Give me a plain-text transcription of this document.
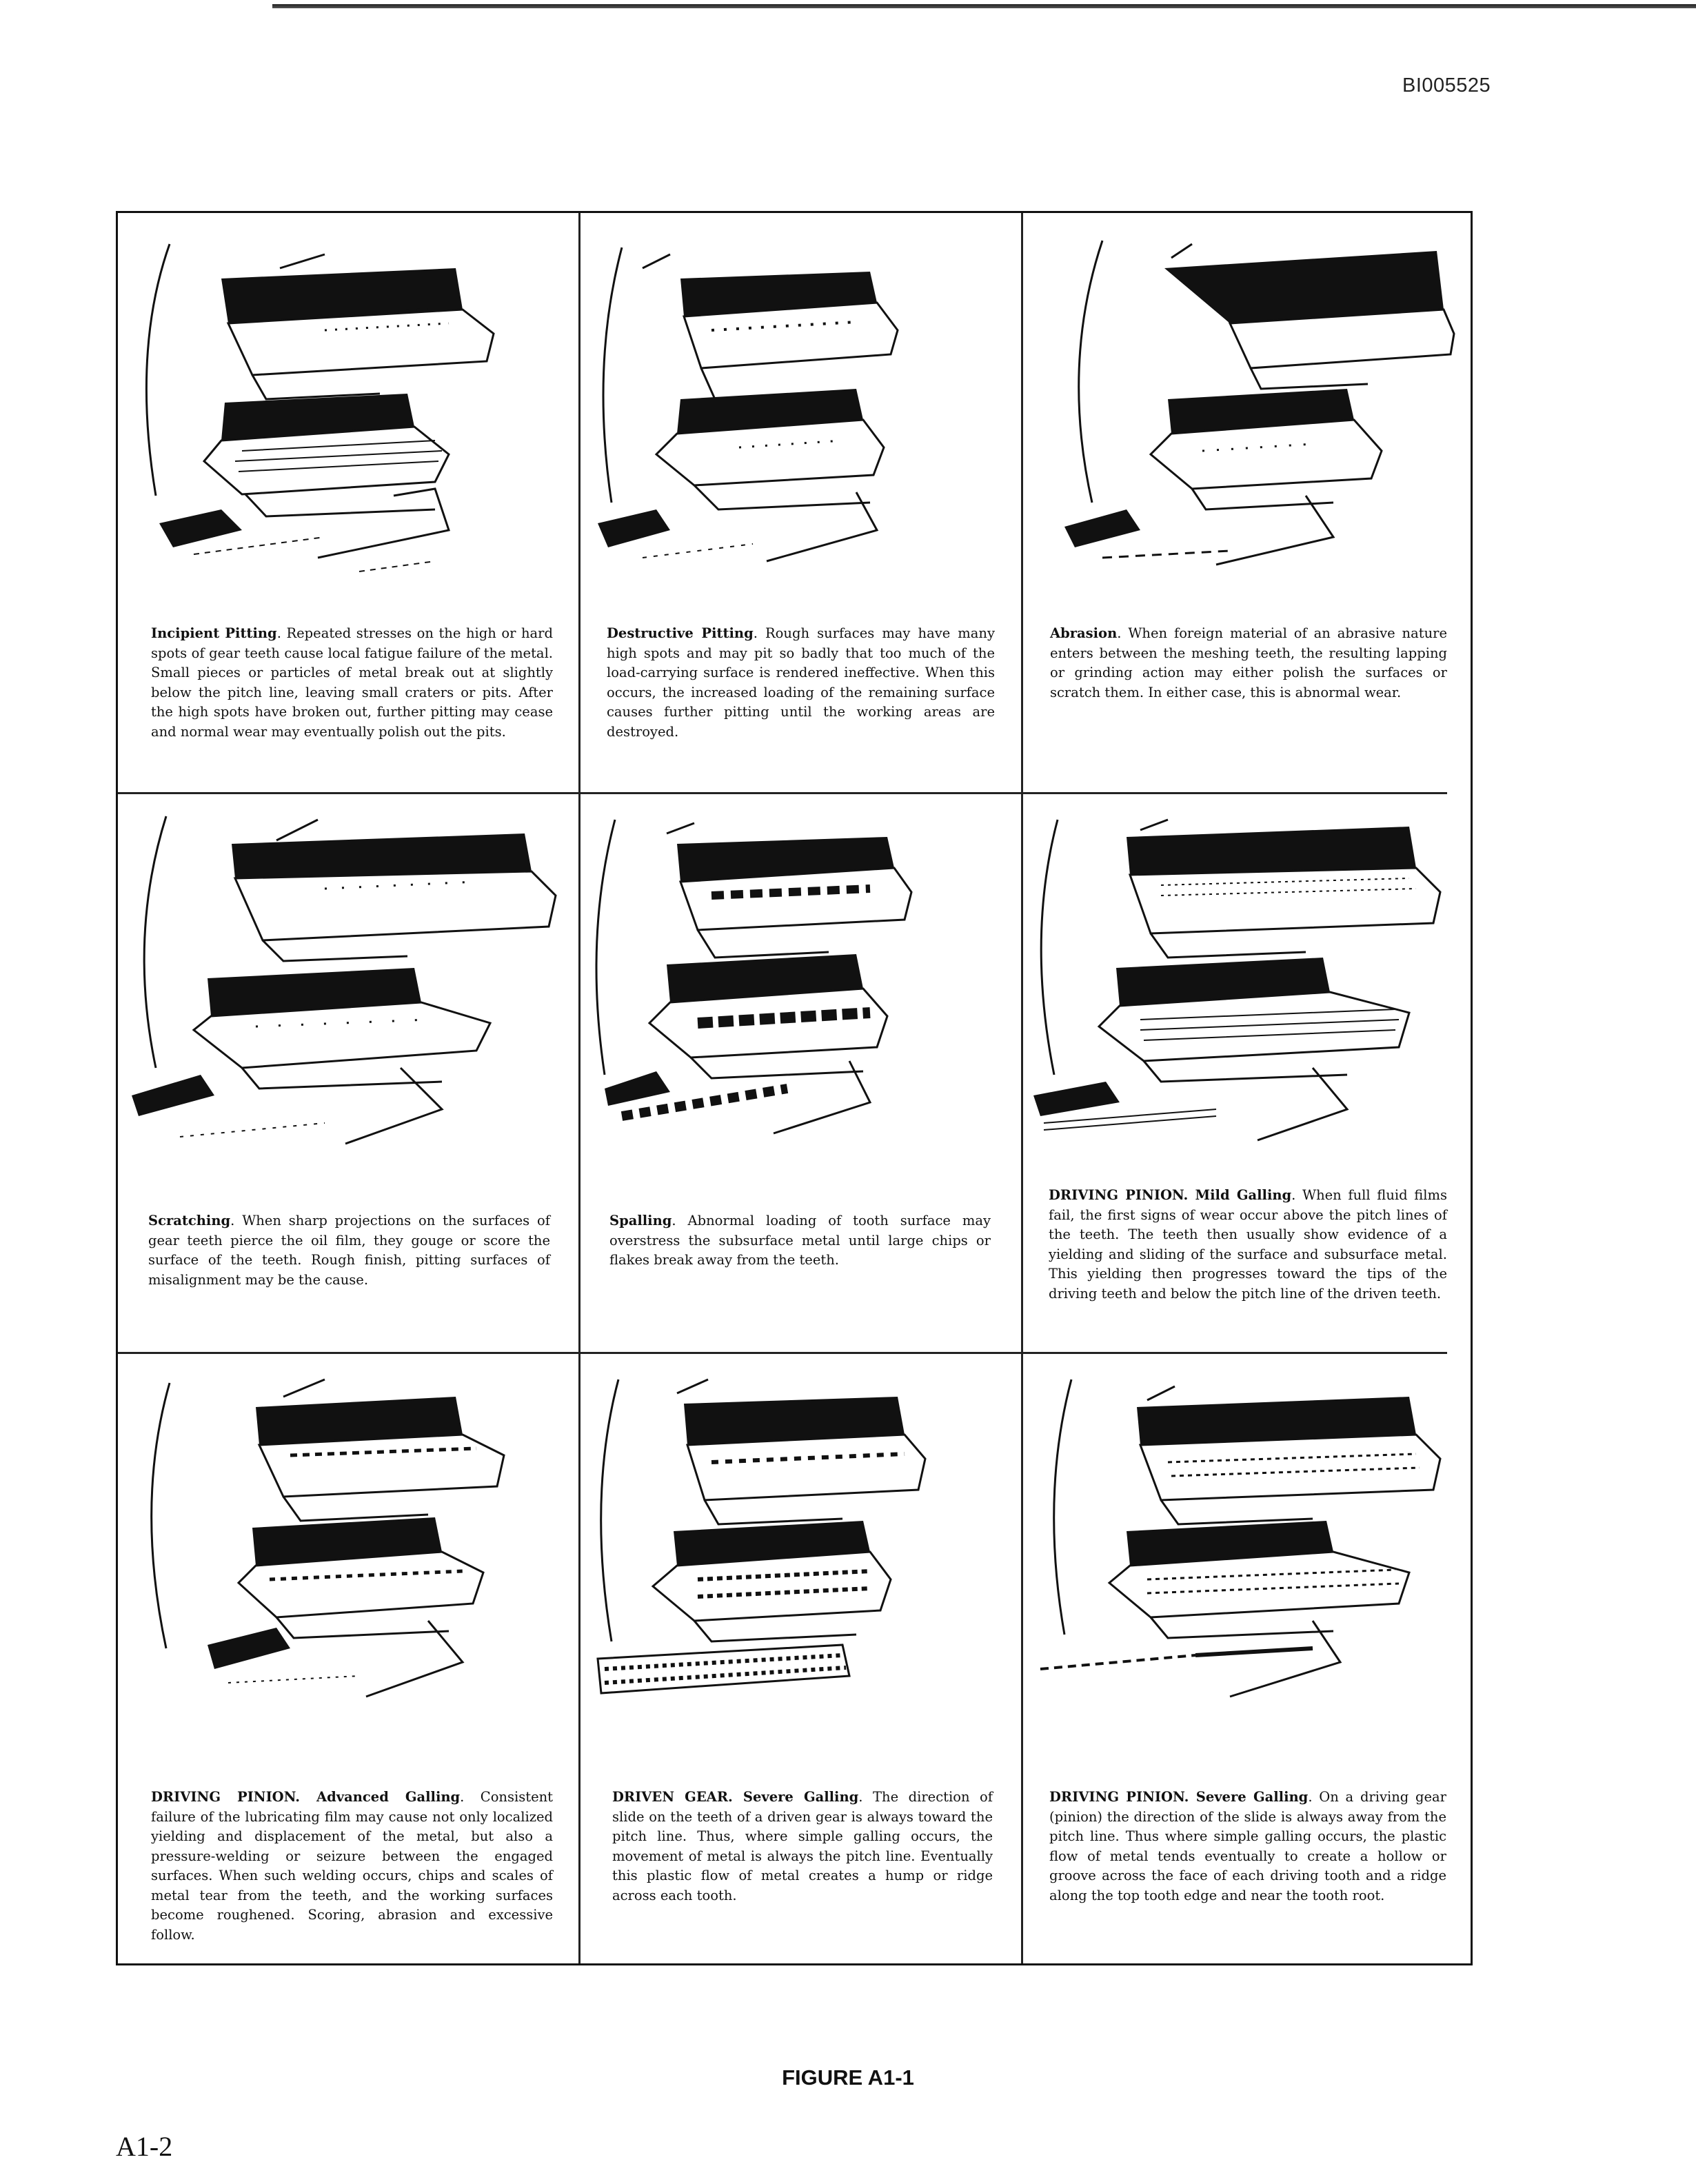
BI005525
Incipient Pitting. Repeated stresses on the high or hard spots of gear teeth cause local fatigue failure of the metal. Small pieces or particles of metal break out at slightly below the pitch line, leaving small craters or pits. After the high spots have broken out, further pitting may cease and normal wear may eventually polish out the pits.
Destructive Pitting. Rough surfaces may have many high spots and may pit so badly that too much of the load-carrying surface is rendered ineffective. When this occurs, the increased loading of the remaining surface causes further pitting until the working areas are destroyed.
Abrasion. When foreign material of an abrasive nature enters between the meshing teeth, the resulting lapping or grinding action may either polish the surfaces or scratch them. In either case, this is abnormal wear.
Scratching. When sharp projections on the surfaces of gear teeth pierce the oil film, they gouge or score the surface of the teeth. Rough finish, pitting surfaces of misalignment may be the cause.
Spalling. Abnormal loading of tooth surface may overstress the subsurface metal until large chips or flakes break away from the teeth.
DRIVING PINION. Mild Galling. When full fluid films fail, the first signs of wear occur above the pitch lines of the teeth. The teeth then usually show evidence of a yielding and sliding of the surface and subsurface metal. This yielding then progresses toward the tips of the driving teeth and below the pitch line of the driven teeth.
DRIVING PINION. Advanced Galling. Consistent failure of the lubricating film may cause not only localized yielding and displacement of the metal, but also a pressure-welding or seizure between the engaged surfaces. When such welding occurs, chips and scales of metal tear from the teeth, and the working surfaces become roughened. Scoring, abrasion and excessive follow.
DRIVEN GEAR. Severe Galling. The direction of slide on the teeth of a driven gear is always toward the pitch line. Thus, where simple galling occurs, the movement of metal is always the pitch line. Eventually this plastic flow of metal creates a hump or ridge across each tooth.
DRIVING PINION. Severe Galling. On a driving gear (pinion) the direction of the slide is always away from the pitch line. Thus where simple galling occurs, the plastic flow of metal tends eventually to create a hollow or groove across the face of each driving tooth and a ridge along the top tooth edge and near the tooth root.
FIGURE A1-1
A1-2
